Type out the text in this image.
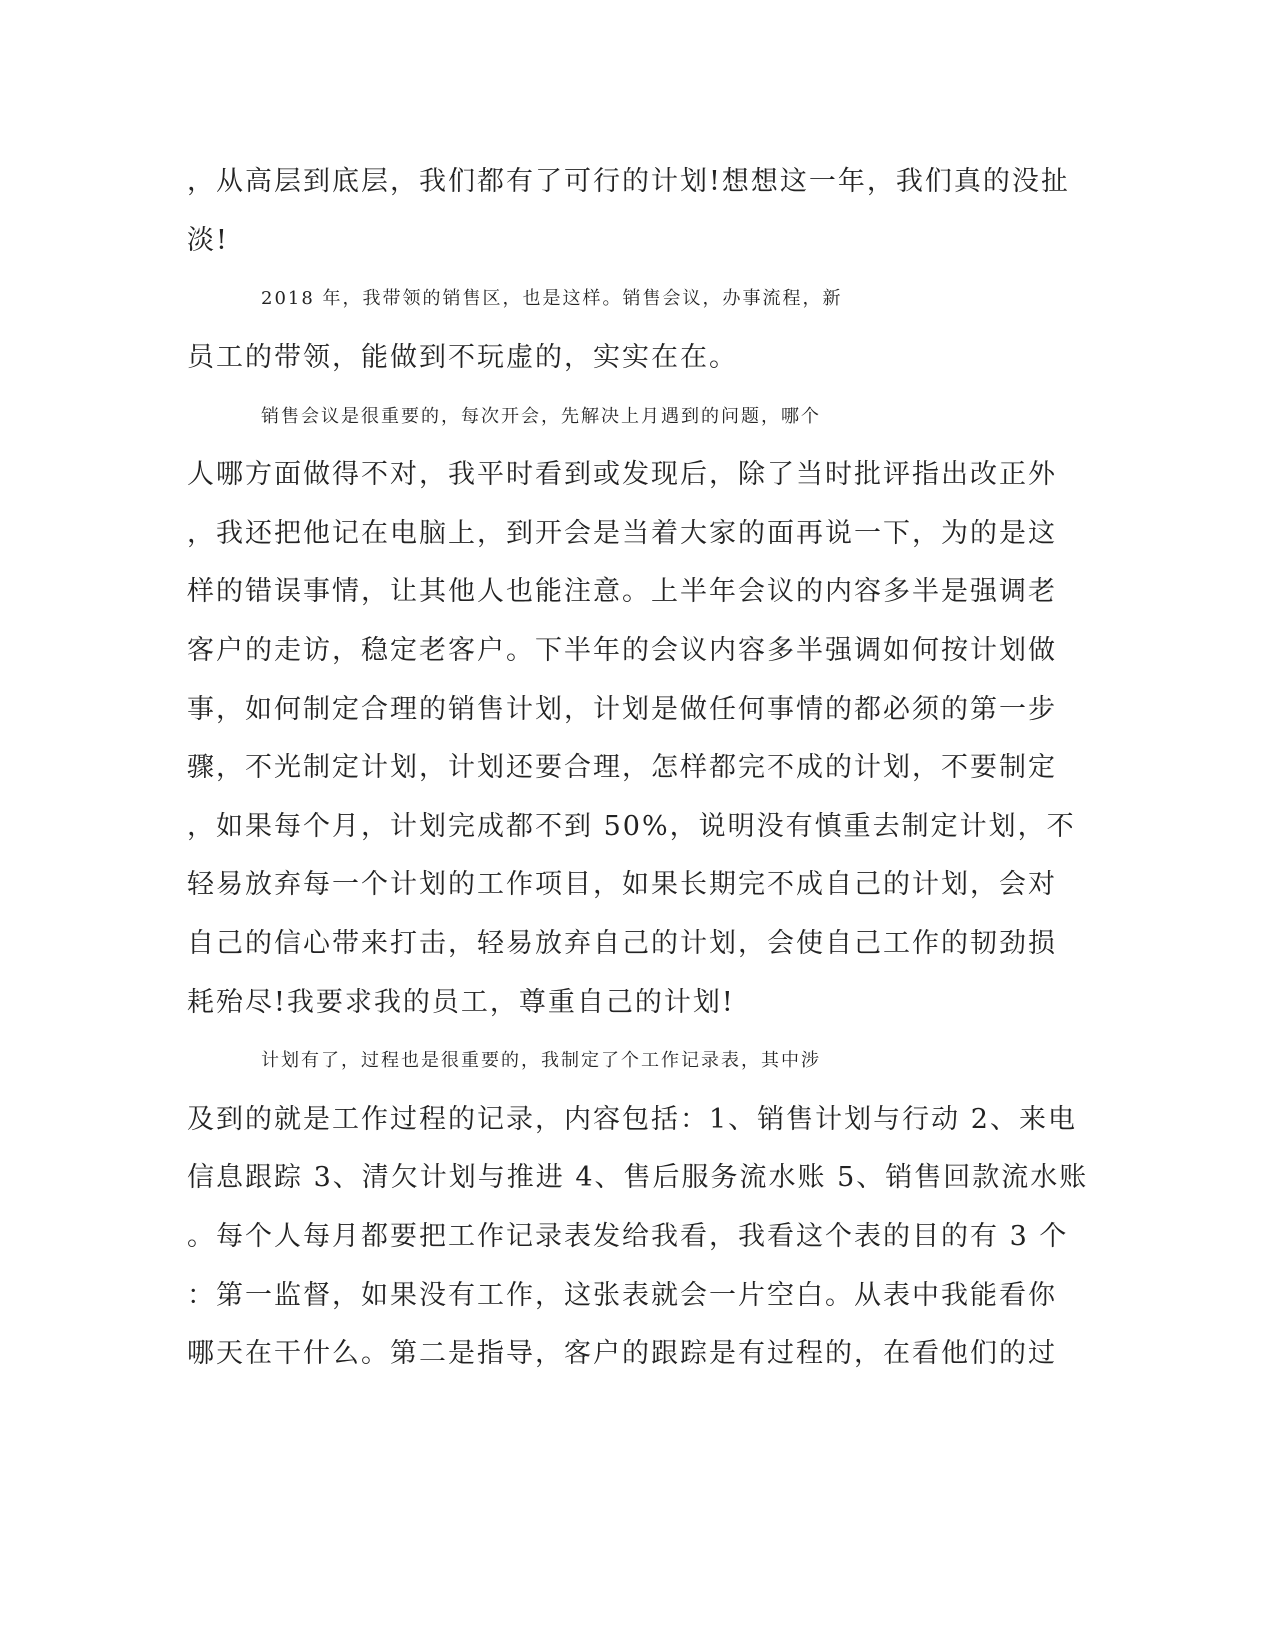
，从高层到底层，我们都有了可行的计划!想想这一年，我们真的没扯

淡!

2018 年，我带领的销售区，也是这样。销售会议，办事流程，新

员工的带领，能做到不玩虚的，实实在在。

销售会议是很重要的，每次开会，先解决上月遇到的问题，哪个

人哪方面做得不对，我平时看到或发现后，除了当时批评指出改正外

，我还把他记在电脑上，到开会是当着大家的面再说一下，为的是这

样的错误事情，让其他人也能注意。上半年会议的内容多半是强调老

客户的走访，稳定老客户。下半年的会议内容多半强调如何按计划做

事，如何制定合理的销售计划，计划是做任何事情的都必须的第一步

骤，不光制定计划，计划还要合理，怎样都完不成的计划，不要制定

，如果每个月，计划完成都不到 50%，说明没有慎重去制定计划，不

轻易放弃每一个计划的工作项目，如果长期完不成自己的计划，会对

自己的信心带来打击，轻易放弃自己的计划，会使自己工作的韧劲损

耗殆尽!我要求我的员工，尊重自己的计划!

计划有了，过程也是很重要的，我制定了个工作记录表，其中涉

及到的就是工作过程的记录，内容包括：1、销售计划与行动 2、来电

信息跟踪 3、清欠计划与推进 4、售后服务流水账 5、销售回款流水账

。每个人每月都要把工作记录表发给我看，我看这个表的目的有 3 个

：第一监督，如果没有工作，这张表就会一片空白。从表中我能看你

哪天在干什么。第二是指导，客户的跟踪是有过程的，在看他们的过
